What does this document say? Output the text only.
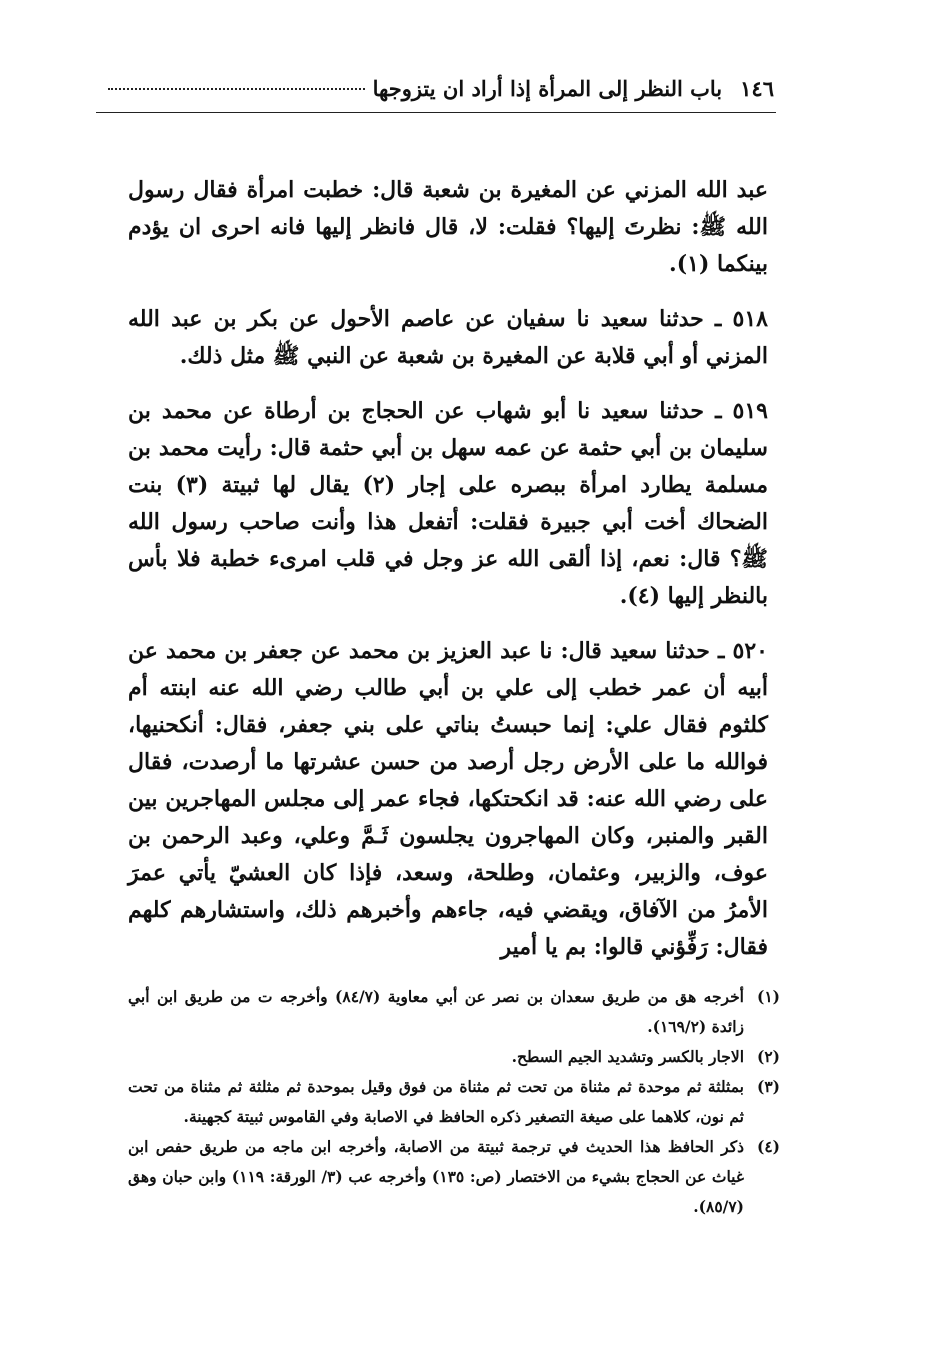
١٤٦
باب النظر إلى المرأة إذا أراد ان يتزوجها

عبد الله المزني عن المغيرة بن شعبة قال: خطبت امرأة فقال رسول الله ﷺ: نظرتَ إليها؟ فقلت: لا، قال فانظر إليها فانه احرى ان يؤدم بينكما (١).

٥١٨ ـ حدثنا سعيد نا سفيان عن عاصم الأحول عن بكر بن عبد الله المزني أو أبي قلابة عن المغيرة بن شعبة عن النبي ﷺ مثل ذلك.

٥١٩ ـ حدثنا سعيد نا أبو شهاب عن الحجاج بن أرطاة عن محمد بن سليمان بن أبي حثمة عن عمه سهل بن أبي حثمة قال: رأيت محمد بن مسلمة يطارد امرأة ببصره على إجار (٢) يقال لها ثبيتة (٣) بنت الضحاك أخت أبي جبيرة فقلت: أتفعل هذا وأنت صاحب رسول الله ﷺ؟ قال: نعم، إذا ألقى الله عز وجل في قلب امرىء خطبة فلا بأس بالنظر إليها (٤).

٥٢٠ ـ حدثنا سعيد قال: نا عبد العزيز بن محمد عن جعفر بن محمد عن أبيه أن عمر خطب إلى علي بن أبي طالب رضي الله عنه ابنته أم كلثوم فقال علي: إنما حبستُ بناتي على بني جعفر، فقال: أنكحنيها، فوالله ما على الأرض رجل أرصد من حسن عشرتها ما أرصدت، فقال على رضي الله عنه: قد انكحتكها، فجاء عمر إلى مجلس المهاجرين بين القبر والمنبر، وكان المهاجرون يجلسون ثَـمَّ وعلي، وعبد الرحمن بن عوف، والزبير، وعثمان، وطلحة، وسعد، فإذا كان العشيّ يأتي عمرَ الأمرُ من الآفاق، ويقضي فيه، جاءهم وأخبرهم ذلك، واستشارهم كلهم فقال: رَفِّؤني قالوا: بم يا أمير

(١)
أخرجه هق من طريق سعدان بن نصر عن أبي معاوية (٨٤/٧) وأخرجه ت من طريق ابن أبي زائدة (١٦٩/٢).
(٢)
الاجار بالكسر وتشديد الجيم السطح.
(٣)
بمثلثة ثم موحدة ثم مثناة من تحت ثم مثناة من فوق وقيل بموحدة ثم مثلثة ثم مثناة من تحت ثم نون، كلاهما على صيغة التصغير ذكره الحافظ في الاصابة وفي القاموس ثبيتة كجهينة.
(٤)
ذكر الحافظ هذا الحديث في ترجمة ثبيتة من الاصابة، وأخرجه ابن ماجه من طريق حفص ابن غياث عن الحجاج بشيء من الاختصار (ص: ١٣٥) وأخرجه عب (٣/ الورقة: ١١٩) وابن حبان وهق (٨٥/٧).
